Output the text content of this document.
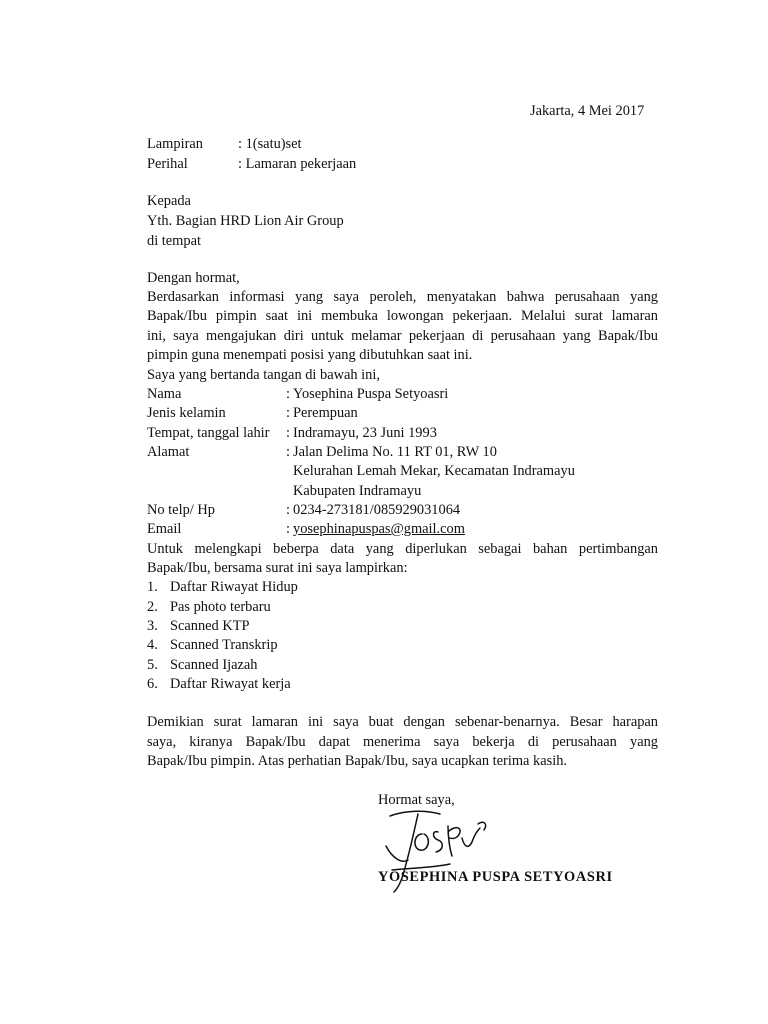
Jakarta, 4 Mei 2017
Lampiran : 1(satu)set
Perihal	: Lamaran pekerjaan
Kepada
Yth. Bagian HRD Lion Air Group
di tempat
Dengan hormat,
Berdasarkan informasi yang saya peroleh, menyatakan bahwa perusahaan yang
Bapak/Ibu pimpin saat ini membuka lowongan pekerjaan. Melalui surat lamaran
ini, saya mengajukan diri untuk melamar pekerjaan di perusahaan yang Bapak/Ibu
pimpin guna menempati posisi yang dibutuhkan saat ini.
Saya yang bertanda tangan di bawah ini,
Nama	: Yosephina Puspa Setyoasri
Jenis kelamin	: Perempuan
Tempat, tanggal lahir : Indramayu, 23 Juni 1993
Alamat	: Jalan Delima No. 11 RT 01, RW 10
Kelurahan Lemah Mekar, Kecamatan Indramayu
Kabupaten Indramayu
No telp/ Hp	: 0234-273181/085929031064
Email	: yosephinapuspas@gmail.com
Untuk melengkapi beberpa data yang diperlukan sebagai bahan pertimbangan
Bapak/Ibu, bersama surat ini saya lampirkan:
1. Daftar Riwayat Hidup
2. Pas photo terbaru
3. Scanned KTP
4. Scanned Transkrip
5. Scanned Ijazah
6. Daftar Riwayat kerja
Demikian surat lamaran ini saya buat dengan sebenar-benarnya. Besar harapan
saya, kiranya Bapak/Ibu dapat menerima saya bekerja di perusahaan yang
Bapak/Ibu pimpin. Atas perhatian Bapak/Ibu, saya ucapkan terima kasih.
Hormat saya,
YOSEPHINA PUSPA SETYOASRI
